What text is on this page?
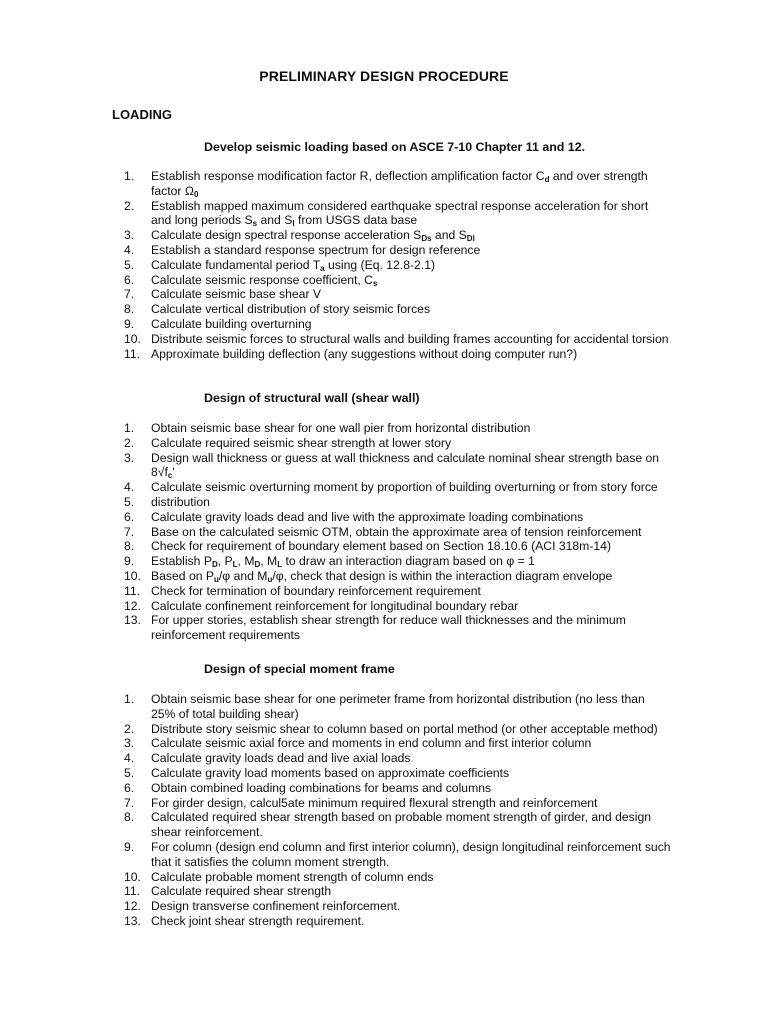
PRELIMINARY DESIGN PROCEDURE
LOADING
Develop seismic loading based on ASCE 7-10 Chapter 11 and 12.
1.	Establish response modification factor R, deflection amplification factor $C_d$ and over strength factor $\Omega_0$
2.	Establish mapped maximum considered earthquake spectral response acceleration for short and long periods $S_s$ and $S_l$ from USGS data base
3.	Calculate design spectral response acceleration $S_{Ds}$ and $S_{Dl}$
4.	Establish a standard response spectrum for design reference
5.	Calculate fundamental period $T_a$ using (Eq. 12.8-2.1)
6.	Calculate seismic response coefficient, $C_s$
7.	Calculate seismic base shear V
8.	Calculate vertical distribution of story seismic forces
9.	Calculate building overturning
10. Distribute seismic forces to structural walls and building frames accounting for accidental torsion
11. Approximate building deflection (any suggestions without doing computer run?)
Design of structural wall (shear wall)
1.	Obtain seismic base shear for one wall pier from horizontal distribution
2.	Calculate required seismic shear strength at lower story
3.	Design wall thickness or guess at wall thickness and calculate nominal shear strength base on $8√f_c'$
4.	Calculate seismic overturning moment by proportion of building overturning or from story force
5.	distribution
6.	Calculate gravity loads dead and live with the approximate loading combinations
7.	Base on the calculated seismic OTM, obtain the approximate area of tension reinforcement
8.	Check for requirement of boundary element based on Section 18.10.6 (ACI 318m-14)
9.	Establish $P_D$, $P_L$, $M_D$, $M_L$ to draw an interaction diagram based on φ = 1
10. Based on $P_u/\varphi$ and $M_u/\varphi$, check that design is within the interaction diagram envelope
11. Check for termination of boundary reinforcement requirement
12. Calculate confinement reinforcement for longitudinal boundary rebar
13. For upper stories, establish shear strength for reduce wall thicknesses and the minimum reinforcement requirements
Design of special moment frame
1.	Obtain seismic base shear for one perimeter frame from horizontal distribution (no less than 25% of total building shear)
2.	Distribute story seismic shear to column based on portal method (or other acceptable method)
3.	Calculate seismic axial force and moments in end column and first interior column
4.	Calculate gravity loads dead and live axial loads
5.	Calculate gravity load moments based on approximate coefficients
6.	Obtain combined loading combinations for beams and columns
7.	For girder design, calcul5ate minimum required flexural strength and reinforcement
8.	Calculated required shear strength based on probable moment strength of girder, and design shear reinforcement.
9.	For column (design end column and first interior column), design longitudinal reinforcement such that it satisfies the column moment strength.
10. Calculate probable moment strength of column ends
11. Calculate required shear strength
12. Design transverse confinement reinforcement.
13. Check joint shear strength requirement.
